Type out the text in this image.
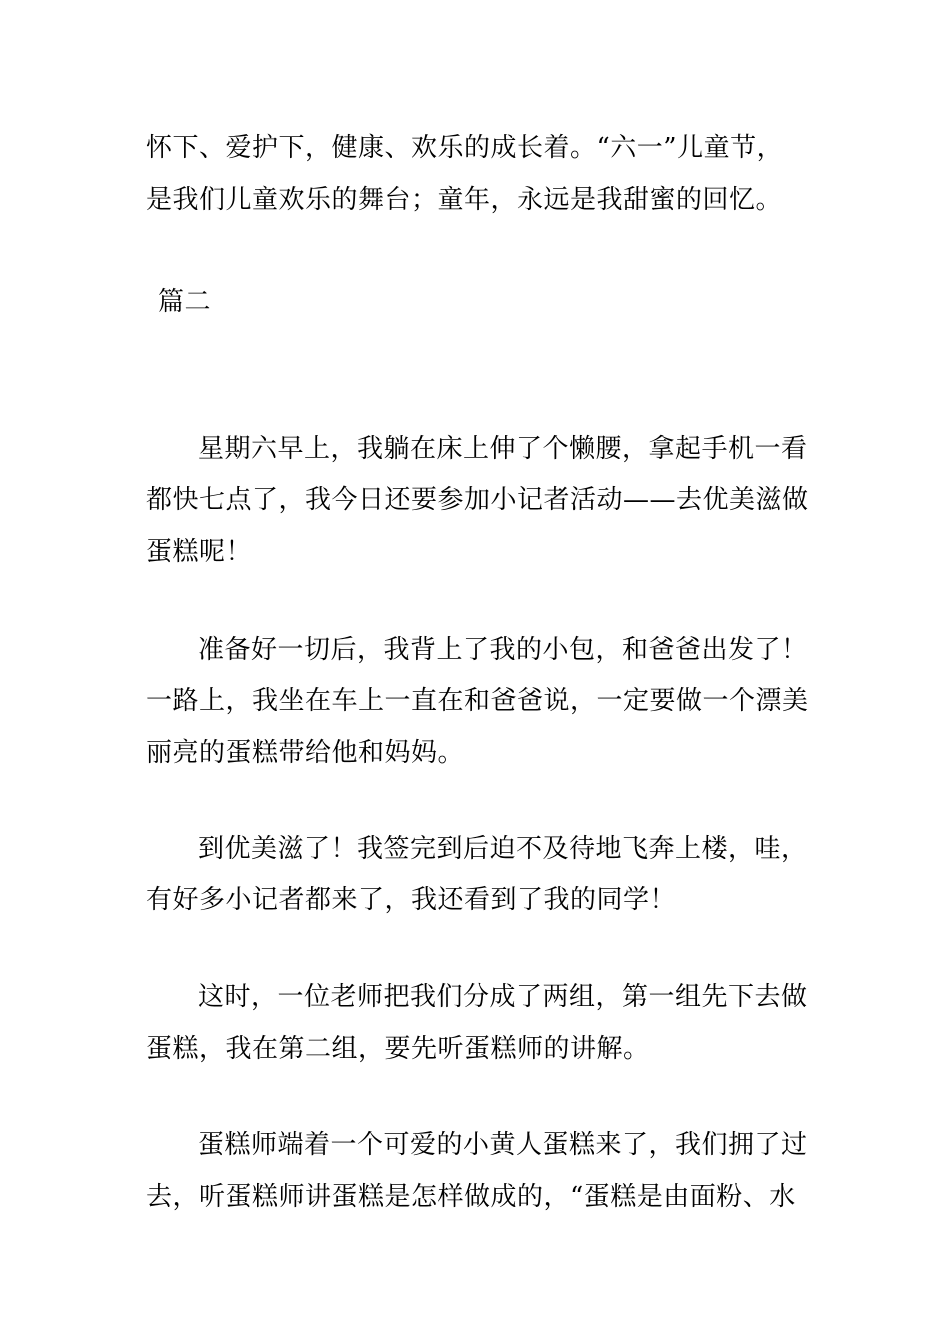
怀下、爱护下，健康、欢乐的成长着。“六一”儿童节，
是我们儿童欢乐的舞台；童年，永远是我甜蜜的回忆。
篇二
星期六早上，我躺在床上伸了个懒腰，拿起手机一看
都快七点了，我今日还要参加小记者活动——去优美滋做
蛋糕呢！
准备好一切后，我背上了我的小包，和爸爸出发了！
一路上，我坐在车上一直在和爸爸说，一定要做一个漂美
丽亮的蛋糕带给他和妈妈。
到优美滋了！我签完到后迫不及待地飞奔上楼，哇，
有好多小记者都来了，我还看到了我的同学！
这时，一位老师把我们分成了两组，第一组先下去做
蛋糕，我在第二组，要先听蛋糕师的讲解。
蛋糕师端着一个可爱的小黄人蛋糕来了，我们拥了过
去，听蛋糕师讲蛋糕是怎样做成的，“蛋糕是由面粉、水
